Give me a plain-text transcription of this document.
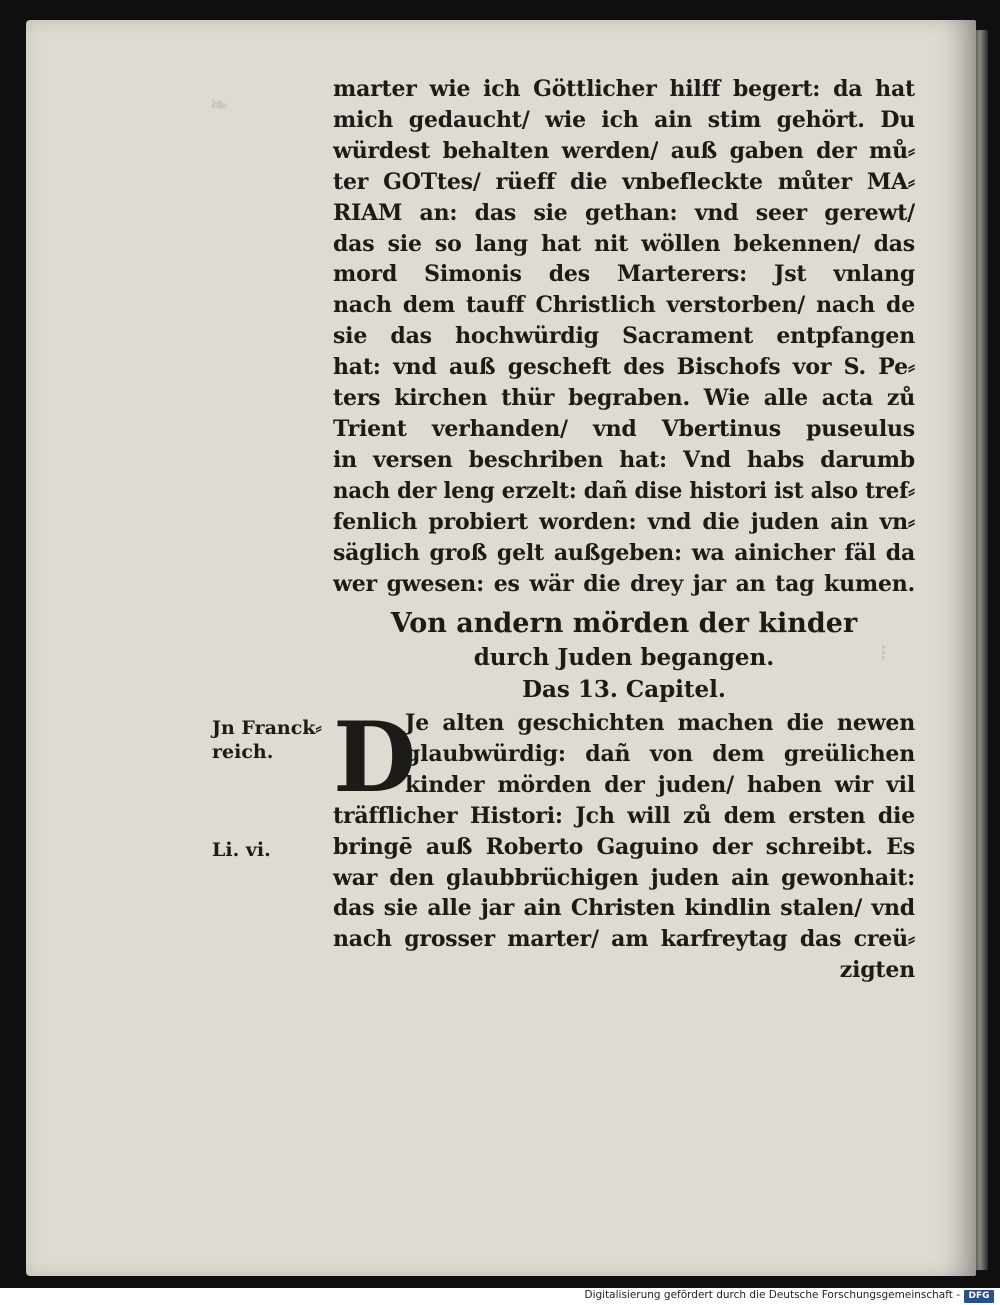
❧
⁝
marter wie ich Göttlicher hilff begert: da hat
mich gedaucht/ wie ich ain stim gehört. Du
würdest behalten werden/ auß gaben der mů⸗
ter GOTtes/ rüeff die vnbefleckte můter MA⸗
RIAM an: das sie gethan: vnd seer gerewt/
das sie so lang hat nit wöllen bekennen/ das
mord Simonis des Marterers: Jst vnlang
nach dem tauff Christlich verstorben/ nach de
sie das hochwürdig Sacrament entpfangen
hat: vnd auß gescheft des Bischofs vor S. Pe⸗
ters kirchen thür begraben. Wie alle acta zů
Trient verhanden/ vnd Vbertinus puseulus
in versen beschriben hat: Vnd habs darumb
nach der leng erzelt: dañ dise histori ist also tref⸗
fenlich probiert worden: vnd die juden ain vn⸗
säglich groß gelt außgeben: wa ainicher fäl da
wer gwesen: es wär die drey jar an tag kumen.
Von andern mörden der kinder
durch Juden begangen.
Das 13. Capitel.
Jn Franck⸗
reich.
Li. vi.
D
Je alten geschichten machen die newen
glaubwürdig: dañ von dem greülichen
kinder mörden der juden/ haben wir vil
träfflicher Histori: Jch will zů dem ersten die
bringē auß Roberto Gaguino der schreibt. Es
war den glaubbrüchigen juden ain gewonhait:
das sie alle jar ain Christen kindlin stalen/ vnd
nach grosser marter/ am karfreytag das creü⸗
zigten
Digitalisierung gefördert durch die Deutsche Forschungsgemeinschaft - DFG
